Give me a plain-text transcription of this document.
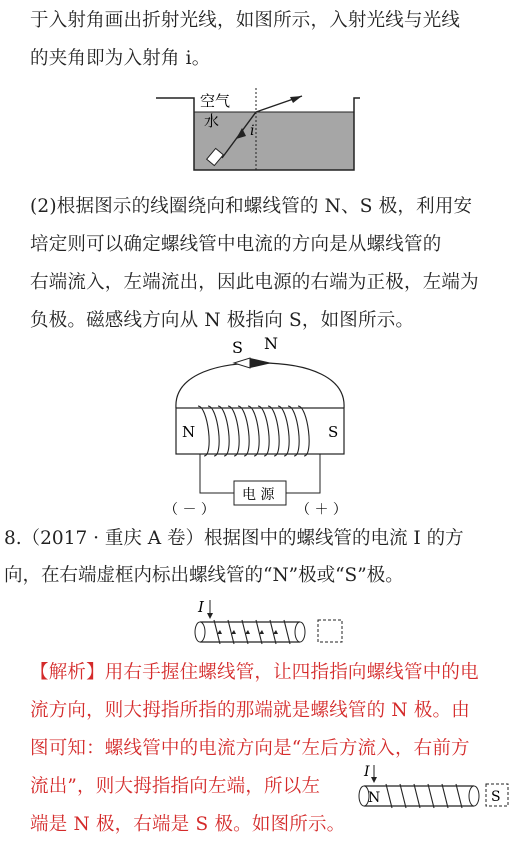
于入射角画出折射光线，如图所示，入射光线与光线

的夹角即为入射角 i。

空气
水
i

(2)根据图示的线圈绕向和螺线管的 N、S 极，利用安

培定则可以确定螺线管中电流的方向是从螺线管的

右端流入，左端流出，因此电源的右端为正极，左端为

负极。磁感线方向从 N 极指向 S，如图所示。

S N
N	S
电 源
（ － ）	（ ＋ ）

8.（2017 · 重庆 A 卷）根据图中的螺线管的电流 I 的方

向，在右端虚框内标出螺线管的“N”极或“S”极。

I

【解析】用右手握住螺线管，让四指指向螺线管中的电

流方向，则大拇指所指的那端就是螺线管的 N 极。由

图可知：螺线管中的电流方向是“左后方流入，右前方

流出”，则大拇指指向左端，所以左

端是 N 极，右端是 S 极。如图所示。

I
N	S
